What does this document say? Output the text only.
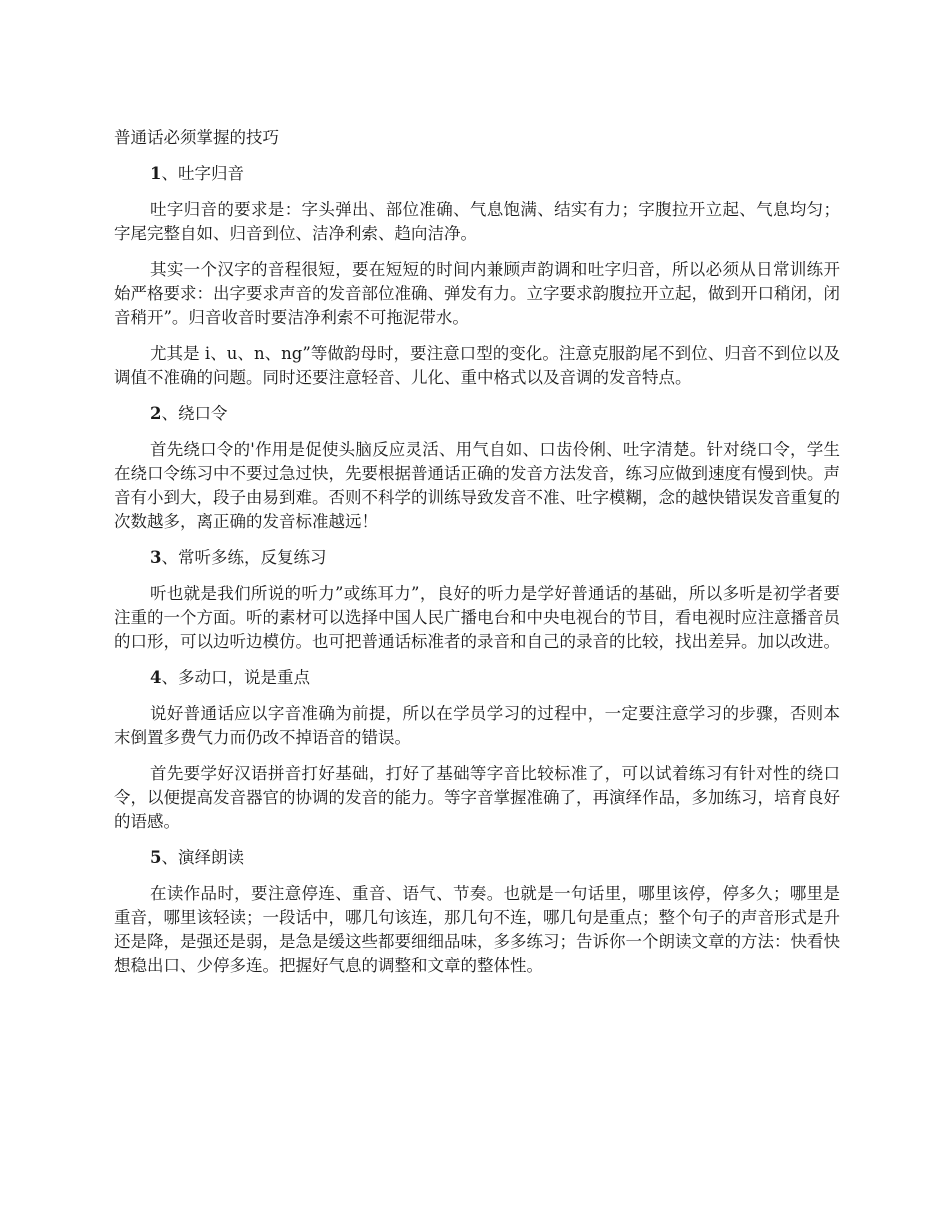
普通话必须掌握的技巧

1、吐字归音

吐字归音的要求是：字头弹出、部位准确、气息饱满、结实有力；字腹拉开立起、气息均匀；字尾完整自如、归音到位、洁净利索、趋向洁净。

其实一个汉字的音程很短，要在短短的时间内兼顾声韵调和吐字归音，所以必须从日常训练开始严格要求：出字要求声音的发音部位准确、弹发有力。立字要求韵腹拉开立起，做到开口稍闭，闭音稍开”。归音收音时要洁净利索不可拖泥带水。

尤其是 i、u、n、ng”等做韵母时，要注意口型的变化。注意克服韵尾不到位、归音不到位以及调值不准确的问题。同时还要注意轻音、儿化、重中格式以及音调的发音特点。

2、绕口令

首先绕口令的'作用是促使头脑反应灵活、用气自如、口齿伶俐、吐字清楚。针对绕口令，学生在绕口令练习中不要过急过快，先要根据普通话正确的发音方法发音，练习应做到速度有慢到快。声音有小到大，段子由易到难。否则不科学的训练导致发音不准、吐字模糊，念的越快错误发音重复的次数越多，离正确的发音标准越远！

3、常听多练，反复练习

听也就是我们所说的听力”或练耳力”，良好的听力是学好普通话的基础，所以多听是初学者要注重的一个方面。听的素材可以选择中国人民广播电台和中央电视台的节目，看电视时应注意播音员的口形，可以边听边模仿。也可把普通话标准者的录音和自己的录音的比较，找出差异。加以改进。

4、多动口，说是重点

说好普通话应以字音准确为前提，所以在学员学习的过程中，一定要注意学习的步骤，否则本末倒置多费气力而仍改不掉语音的错误。

首先要学好汉语拼音打好基础，打好了基础等字音比较标准了，可以试着练习有针对性的绕口令，以便提高发音器官的协调的发音的能力。等字音掌握准确了，再演绎作品，多加练习，培育良好的语感。

5、演绎朗读

在读作品时，要注意停连、重音、语气、节奏。也就是一句话里，哪里该停，停多久；哪里是重音，哪里该轻读；一段话中，哪几句该连，那几句不连，哪几句是重点；整个句子的声音形式是升还是降，是强还是弱，是急是缓这些都要细细品味，多多练习；告诉你一个朗读文章的方法：快看快想稳出口、少停多连。把握好气息的调整和文章的整体性。
